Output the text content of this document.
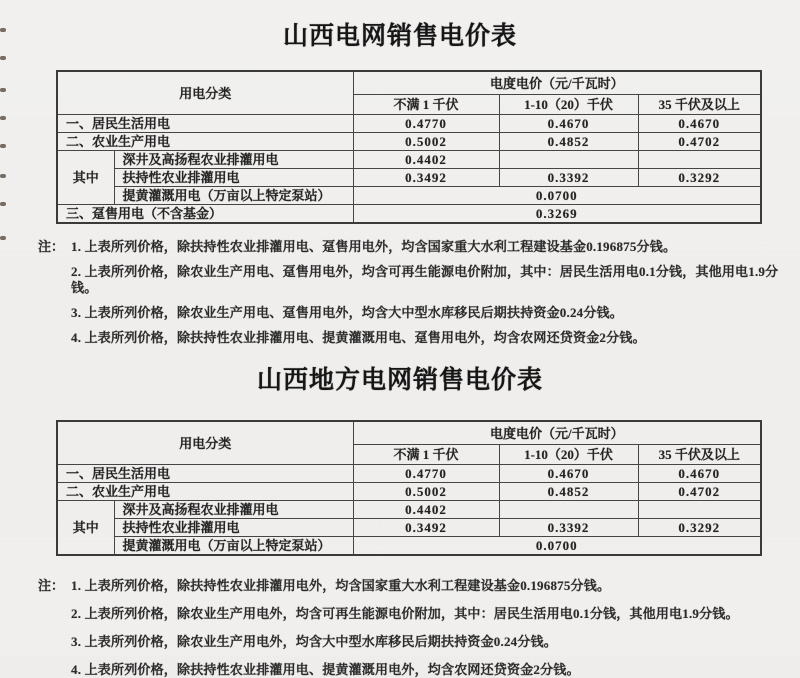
山西电网销售电价表
用电分类		电度电价（元/千瓦时）		
		不满 1 千伏	1-10（20）千伏	35 千伏及以上
一、居民生活用电		0.4770	0.4670	0.4670
二、农业生产用电		0.5002	0.4852	0.4702
其中	深井及高扬程农业排灌用电	0.4402		
	扶持性农业排灌用电	0.3492	0.3392	0.3292
	提黄灌溉用电（万亩以上特定泵站）	0.0700		
三、趸售用电（不含基金）		0.3269		
注： 1. 上表所列价格，除扶持性农业排灌用电、趸售用电外，均含国家重大水利工程建设基金0.196875分钱。
2. 上表所列价格，除农业生产用电、趸售用电外，均含可再生能源电价附加，其中：居民生活用电0.1分钱，其他用电1.9分钱。
3. 上表所列价格，除农业生产用电、趸售用电外，均含大中型水库移民后期扶持资金0.24分钱。
4. 上表所列价格，除扶持性农业排灌用电、提黄灌溉用电、趸售用电外，均含农网还贷资金2分钱。
山西地方电网销售电价表
用电分类		电度电价（元/千瓦时）		
		不满 1 千伏	1-10（20）千伏	35 千伏及以上
一、居民生活用电		0.4770	0.4670	0.4670
二、农业生产用电		0.5002	0.4852	0.4702
其中	深井及高扬程农业排灌用电	0.4402		
	扶持性农业排灌用电	0.3492	0.3392	0.3292
	提黄灌溉用电（万亩以上特定泵站）	0.0700		
注： 1. 上表所列价格，除扶持性农业排灌用电外，均含国家重大水利工程建设基金0.196875分钱。
2. 上表所列价格，除农业生产用电外，均含可再生能源电价附加，其中：居民生活用电0.1分钱，其他用电1.9分钱。
3. 上表所列价格，除农业生产用电外，均含大中型水库移民后期扶持资金0.24分钱。
4. 上表所列价格，除扶持性农业排灌用电、提黄灌溉用电外，均含农网还贷资金2分钱。
